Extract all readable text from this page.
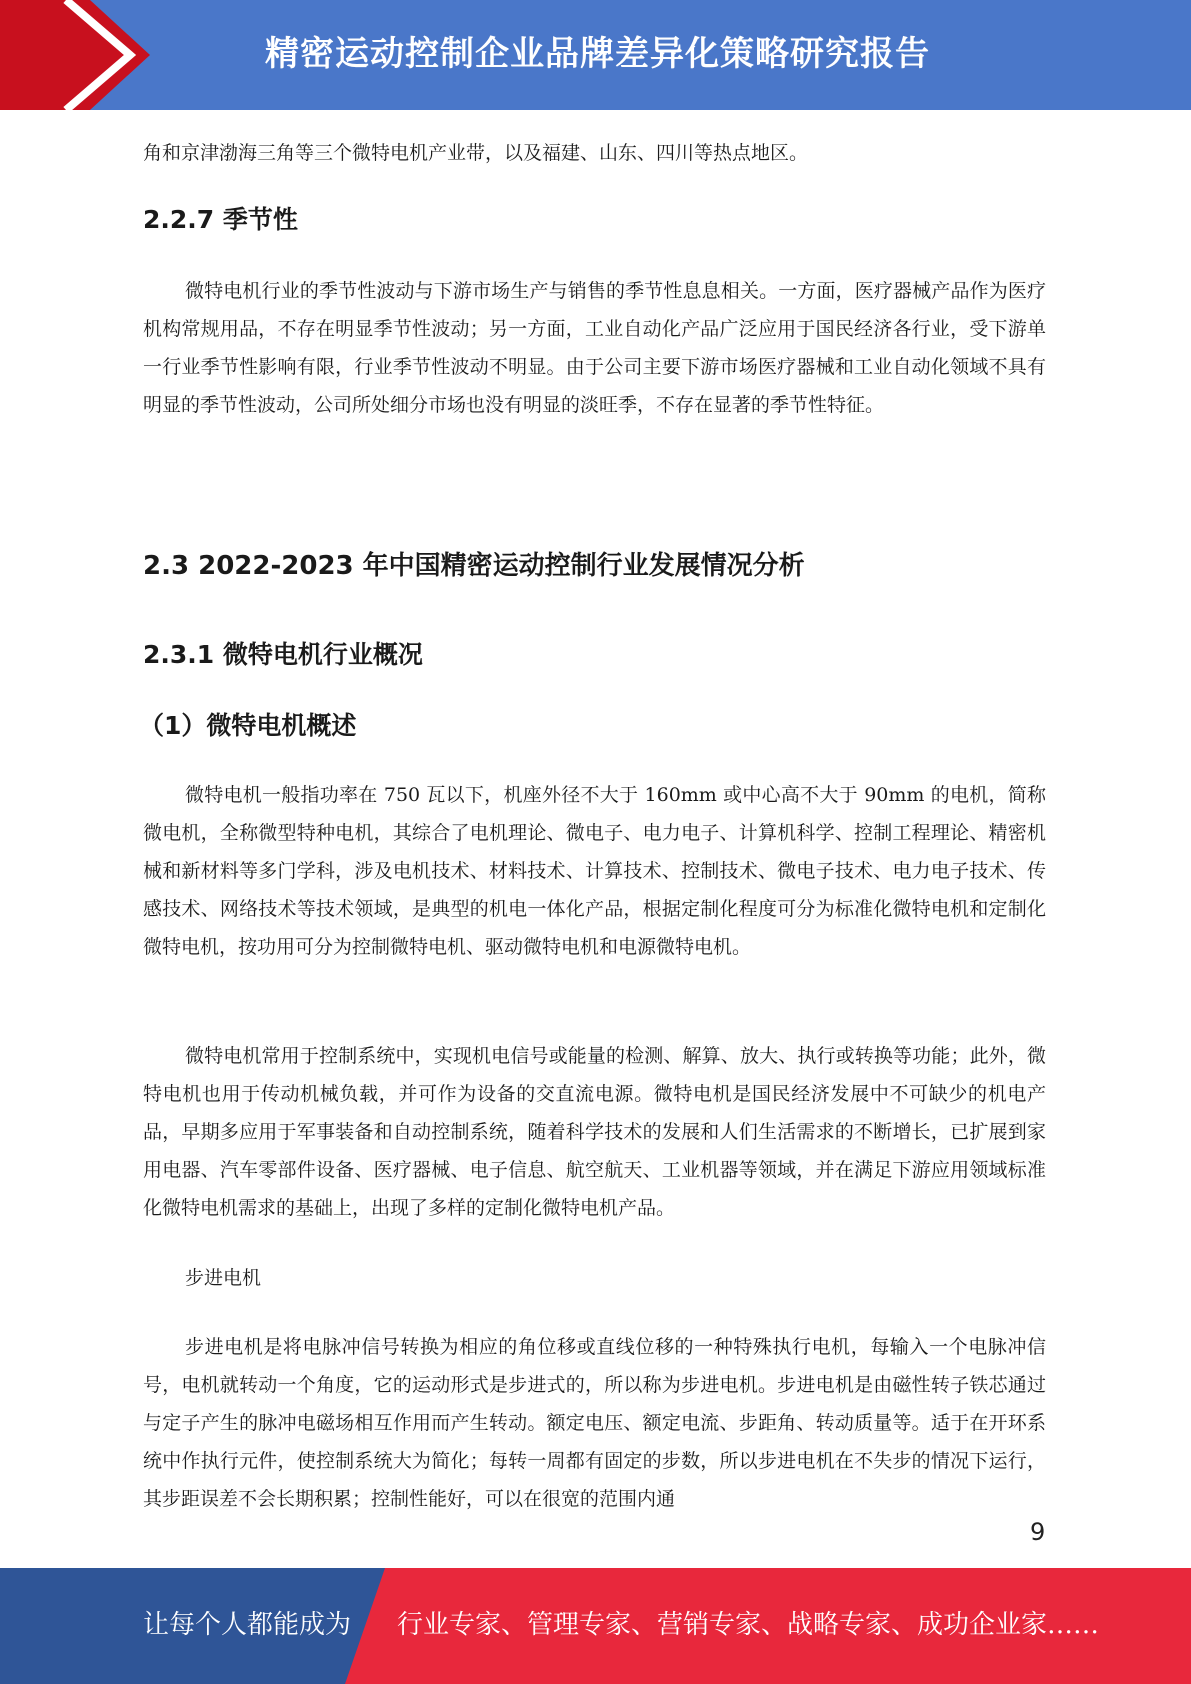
精密运动控制企业品牌差异化策略研究报告

角和京津渤海三角等三个微特电机产业带，以及福建、山东、四川等热点地区。

2.2.7 季节性

微特电机行业的季节性波动与下游市场生产与销售的季节性息息相关。一方面，医疗器械产品作为医疗机构常规用品，不存在明显季节性波动；另一方面，工业自动化产品广泛应用于国民经济各行业，受下游单一行业季节性影响有限，行业季节性波动不明显。由于公司主要下游市场医疗器械和工业自动化领域不具有明显的季节性波动，公司所处细分市场也没有明显的淡旺季，不存在显著的季节性特征。

2.3 2022-2023 年中国精密运动控制行业发展情况分析
2.3.1 微特电机行业概况
（1）微特电机概述

微特电机一般指功率在 750 瓦以下，机座外径不大于 160mm 或中心高不大于 90mm 的电机，简称微电机，全称微型特种电机，其综合了电机理论、微电子、电力电子、计算机科学、控制工程理论、精密机械和新材料等多门学科，涉及电机技术、材料技术、计算技术、控制技术、微电子技术、电力电子技术、传感技术、网络技术等技术领域，是典型的机电一体化产品，根据定制化程度可分为标准化微特电机和定制化微特电机，按功用可分为控制微特电机、驱动微特电机和电源微特电机。

微特电机常用于控制系统中，实现机电信号或能量的检测、解算、放大、执行或转换等功能；此外，微特电机也用于传动机械负载，并可作为设备的交直流电源。微特电机是国民经济发展中不可缺少的机电产品，早期多应用于军事装备和自动控制系统，随着科学技术的发展和人们生活需求的不断增长，已扩展到家用电器、汽车零部件设备、医疗器械、电子信息、航空航天、工业机器等领域，并在满足下游应用领域标准化微特电机需求的基础上，出现了多样的定制化微特电机产品。

步进电机

步进电机是将电脉冲信号转换为相应的角位移或直线位移的一种特殊执行电机，每输入一个电脉冲信号，电机就转动一个角度，它的运动形式是步进式的，所以称为步进电机。步进电机是由磁性转子铁芯通过与定子产生的脉冲电磁场相互作用而产生转动。额定电压、额定电流、步距角、转动质量等。适于在开环系统中作执行元件，使控制系统大为简化；每转一周都有固定的步数，所以步进电机在不失步的情况下运行，其步距误差不会长期积累；控制性能好，可以在很宽的范围内通

9
让每个人都能成为 行业专家、管理专家、营销专家、战略专家、成功企业家……
